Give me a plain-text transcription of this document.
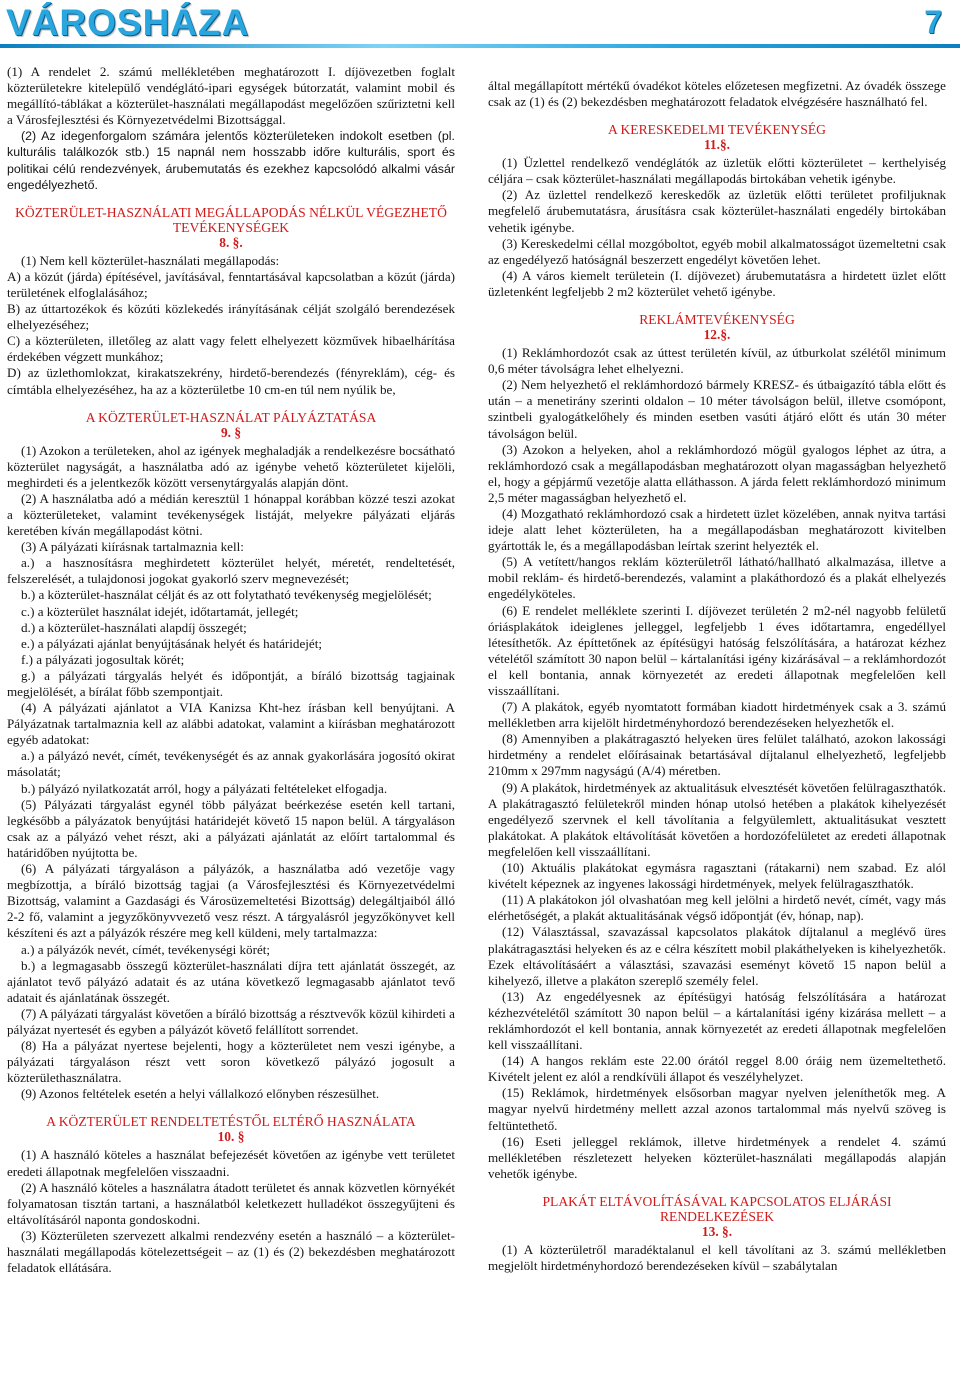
VÁROSHÁZA	7

(1) A rendelet 2. számú mellékletében meghatározott I. díjövezetben foglalt közterületekre kitelepülő vendéglátó-ipari egységek bútorzatát, valamint mobil és megállító-táblákat a közterület-használati megállapodást megelőzően szűriztetni kell a Városfejlesztési és Környezetvédelmi Bizottsággal.

(2) Az idegenforgalom számára jelentős közterületeken indokolt esetben (pl. kulturális találkozók stb.) 15 napnál nem hosszabb időre kulturális, sport és politikai célú rendezvények, árubemutatás és ezekhez kapcsolódó alkalmi vásár engedélyezhető.

KÖZTERÜLET-HASZNÁLATI MEGÁLLAPODÁS NÉLKÜL VÉGEZHETŐ TEVÉKENYSÉGEK
8. §.

(1) Nem kell közterület-használati megállapodás:

A) a közút (járda) építésével, javításával, fenntartásával kapcsolatban a közút (járda) területének elfoglalásához;

B) az úttartozékok és közúti közlekedés irányításának célját szolgáló berendezések elhelyezéséhez;

C) a közterületen, illetőleg az alatt vagy felett elhelyezett közművek hibaelhárítása érdekében végzett munkához;

D) az üzlethomlokzat, kirakatszekrény, hirdető-berendezés (fényreklám), cég- és címtábla elhelyezéséhez, ha az a közterületbe 10 cm-en túl nem nyúlik be,

A KÖZTERÜLET-HASZNÁLAT PÁLYÁZTATÁSA
9. §

(1) Azokon a területeken, ahol az igények meghaladják a rendelkezésre bocsátható közterület nagyságát, a használatba adó az igénybe vehető közterületet kijelöli, meghirdeti és a jelentkezők között versenytárgyalás alapján dönt.

(2) A használatba adó a médián keresztül 1 hónappal korábban közzé teszi azokat a közterületeket, valamint tevékenységek listáját, melyekre pályázati eljárás keretében kíván megállapodást kötni.

(3) A pályázati kiírásnak tartalmaznia kell:

a.) a hasznosításra meghirdetett közterület helyét, méretét, rendeltetését, felszerelését, a tulajdonosi jogokat gyakorló szerv megnevezését;

b.) a közterület-használat célját és az ott folytatható tevékenység megjelölését;

c.) a közterület használat idejét, időtartamát, jellegét;

d.) a közterület-használati alapdíj összegét;

e.) a pályázati ajánlat benyújtásának helyét és határidejét;

f.) a pályázati jogosultak körét;

g.) a pályázati tárgyalás helyét és időpontját, a bíráló bizottság tagjainak megjelölését, a bírálat főbb szempontjait.

(4) A pályázati ajánlatot a VIA Kanizsa Kht-hez írásban kell benyújtani. A Pályázatnak tartalmaznia kell az alábbi adatokat, valamint a kiírásban meghatározott egyéb adatokat:

a.) a pályázó nevét, címét, tevékenységét és az annak gyakorlására jogosító okirat másolatát;

b.) pályázó nyilatkozatát arról, hogy a pályázati feltételeket elfogadja.

(5) Pályázati tárgyalást egynél több pályázat beérkezése esetén kell tartani, legkésőbb a pályázatok benyújtási határidejét követő 15 napon belül. A tárgyaláson csak az a pályázó vehet részt, aki a pályázati ajánlatát az előírt tartalommal és határidőben nyújtotta be.

(6) A pályázati tárgyaláson a pályázók, a használatba adó vezetője vagy megbízottja, a bíráló bizottság tagjai (a Városfejlesztési és Környezetvédelmi Bizottság, valamint a Gazdasági és Városüzemeltetési Bizottság) delegáltjaiból álló 2-2 fő, valamint a jegyzőkönyvvezető vesz részt. A tárgyalásról jegyzőkönyvet kell készíteni és azt a pályázók részére meg kell küldeni, mely tartalmazza:

a.) a pályázók nevét, címét, tevékenységi körét;

b.) a legmagasabb összegű közterület-használati díjra tett ajánlatát összegét, az ajánlatot tevő pályázó adatait és az utána következő legmagasabb ajánlatot tevő adatait és ajánlatának összegét.

(7) A pályázati tárgyalást követően a bíráló bizottság a résztvevők közül kihirdeti a pályázat nyertesét és egyben a pályázót követő felállított sorrendet.

(8) Ha a pályázat nyertese bejelenti, hogy a közterületet nem veszi igénybe, a pályázati tárgyaláson részt vett soron következő pályázó jogosult a közterülethasználatra.

(9) Azonos feltételek esetén a helyi vállalkozó előnyben részesülhet.

A KÖZTERÜLET RENDELTETÉSTŐL ELTÉRŐ HASZNÁLATA
10. §

(1) A használó köteles a használat befejezését követően az igénybe vett területet eredeti állapotnak megfelelően visszaadni.

(2) A használó köteles a használatra átadott területet és annak közvetlen környékét folyamatosan tisztán tartani, a használatból keletkezett hulladékot összegyűjteni és eltávolításáról naponta gondoskodni.

(3) Közterületen szervezett alkalmi rendezvény esetén a használó – a közterület-használati megállapodás kötelezettségeit – az (1) és (2) bekezdésben meghatározott feladatok ellátására.

által megállapított mértékű óvadékot köteles előzetesen megfizetni. Az óvadék összege csak az (1) és (2) bekezdésben meghatározott feladatok elvégzésére használható fel.

A KERESKEDELMI TEVÉKENYSÉG
11.§.

(1) Üzlettel rendelkező vendéglátók az üzletük előtti közterületet – kerthelyiség céljára – csak közterület-használati megállapodás birtokában vehetik igénybe.

(2) Az üzlettel rendelkező kereskedők az üzletük előtti területet profiljuknak megfelelő árubemutatásra, árusításra csak közterület-használati engedély birtokában vehetik igénybe.

(3) Kereskedelmi céllal mozgóboltot, egyéb mobil alkalmatosságot üzemeltetni csak az engedélyező hatóságnál beszerzett engedélyt követően lehet.

(4) A város kiemelt területein (I. díjövezet) árubemutatásra a hirdetett üzlet előtt üzletenként legfeljebb 2 m2 közterület vehető igénybe.

REKLÁMTEVÉKENYSÉG
12.§.

(1) Reklámhordozót csak az úttest területén kívül, az útburkolat szélétől minimum 0,6 méter távolságra lehet elhelyezni.

(2) Nem helyezhető el reklámhordozó bármely KRESZ- és útbaigazító tábla előtt és után – a menetirány szerinti oldalon – 10 méter távolságon belül, illetve csomópont, szintbeli gyalogátkelőhely és minden esetben vasúti átjáró előtt és után 30 méter távolságon belül.

(3) Azokon a helyeken, ahol a reklámhordozó mögül gyalogos léphet az útra, a reklámhordozó csak a megállapodásban meghatározott olyan magasságban helyezhető el, hogy a gépjármű vezetője alatta elláthasson. A járda felett reklámhordozó minimum 2,5 méter magasságban helyezhető el.

(4) Mozgatható reklámhordozó csak a hirdetett üzlet közelében, annak nyitva tartási ideje alatt lehet közterületen, ha a megállapodásban meghatározott kivitelben gyártották le, és a megállapodásban leírtak szerint helyezték el.

(5) A vetített/hangos reklám közterületről látható/hallható alkalmazása, illetve a mobil reklám- és hirdető-berendezés, valamint a plakáthordozó és a plakát elhelyezés engedélyköteles.

(6) E rendelet melléklete szerinti I. díjövezet területén 2 m2-nél nagyobb felületű óriásplakátok ideiglenes jelleggel, legfeljebb 1 éves időtartamra, engedéllyel létesíthetők. Az építtetőnek az építésügyi hatóság felszólítására, a határozat kézhez vételétől számított 30 napon belül – kártalanítási igény kizárásával – a reklámhordozót el kell bontania, annak környezetét az eredeti állapotnak megfelelően kell visszaállítani.

(7) A plakátok, egyéb nyomtatott formában kiadott hirdetmények csak a 3. számú mellékletben arra kijelölt hirdetményhordozó berendezéseken helyezhetők el.

(8) Amennyiben a plakátragasztó helyeken üres felület található, azokon lakossági hirdetmény a rendelet előírásainak betartásával díjtalanul elhelyezhető, legfeljebb 210mm x 297mm nagyságú (A/4) méretben.

(9) A plakátok, hirdetmények az aktualitásuk elvesztését követően felülragaszthatók. A plakátragasztó felületekről minden hónap utolsó hetében a plakátok kihelyezését engedélyező szervnek el kell távolítania a felgyülemlett, aktualitásukat vesztett plakátokat. A plakátok eltávolítását követően a hordozófelületet az eredeti állapotnak megfelelően kell visszaállítani.

(10) Aktuális plakátokat egymásra ragasztani (rátakarni) nem szabad. Ez alól kivételt képeznek az ingyenes lakossági hirdetmények, melyek felülragaszthatók.

(11) A plakátokon jól olvashatóan meg kell jelölni a hirdető nevét, címét, vagy más elérhetőségét, a plakát aktualitásának végső időpontját (év, hónap, nap).

(12) Választással, szavazással kapcsolatos plakátok díjtalanul a meglévő üres plakátragasztási helyeken és az e célra készített mobil plakáthelyeken is kihelyezhetők. Ezek eltávolításáért a választási, szavazási eseményt követő 15 napon belül a kihelyező, illetve a plakáton szereplő személy felel.

(13) Az engedélyesnek az építésügyi hatóság felszólítására a határozat kézhezvételétől számított 30 napon belül – a kártalanítási igény kizárása mellett – a reklámhordozót el kell bontania, annak környezetét az eredeti állapotnak megfelelően kell visszaállítani.

(14) A hangos reklám este 22.00 órától reggel 8.00 óráig nem üzemeltethető. Kivételt jelent ez alól a rendkívüli állapot és veszélyhelyzet.

(15) Reklámok, hirdetmények elsősorban magyar nyelven jeleníthetők meg. A magyar nyelvű hirdetmény mellett azzal azonos tartalommal más nyelvű szöveg is feltüntethető.

(16) Eseti jelleggel reklámok, illetve hirdetmények a rendelet 4. számú mellékletében részletezett helyeken közterület-használati megállapodás alapján vehetők igénybe.

PLAKÁT ELTÁVOLÍTÁSÁVAL KAPCSOLATOS ELJÁRÁSI RENDELKEZÉSEK
13. §.

(1) A közterületről maradéktalanul el kell távolítani az 3. számú mellékletben megjelölt hirdetményhordozó berendezéseken kívül – szabálytalan
